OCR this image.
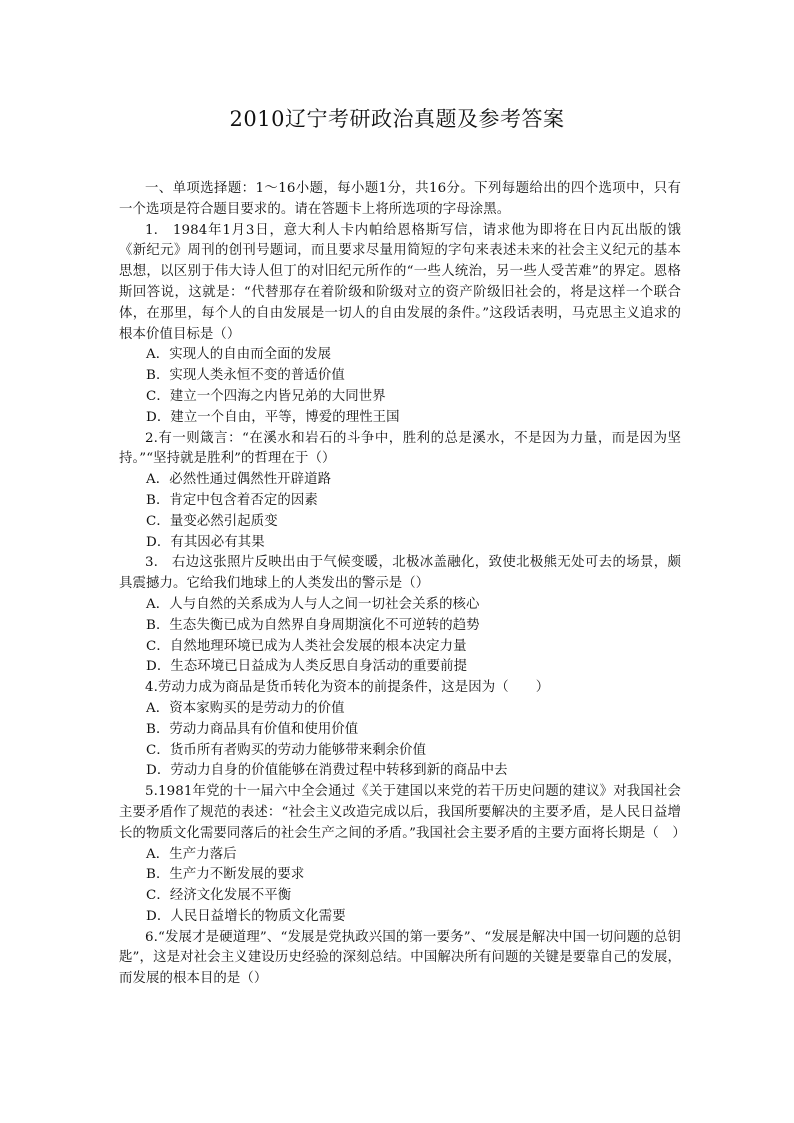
2010辽宁考研政治真题及参考答案

一、单项选择题：1～16小题，每小题1分，共16分。下列每题给出的四个选项中，只有一个选项是符合题目要求的。请在答题卡上将所选项的字母涂黑。

1.　1984年1月3日，意大利人卡内帕给恩格斯写信，请求他为即将在日内瓦出版的饿《新纪元》周刊的创刊号题词，而且要求尽量用简短的字句来表述未来的社会主义纪元的基本思想，以区别于伟大诗人但丁的对旧纪元所作的“一些人统治，另一些人受苦难”的界定。恩格斯回答说，这就是：“代替那存在着阶级和阶级对立的资产阶级旧社会的，将是这样一个联合体，在那里，每个人的自由发展是一切人的自由发展的条件。”这段话表明，马克思主义追求的根本价值目标是（）

A．实现人的自由而全面的发展

B．实现人类永恒不变的普适价值

C．建立一个四海之内皆兄弟的大同世界

D．建立一个自由，平等，博爱的理性王国

2.有一则箴言：“在溪水和岩石的斗争中，胜利的总是溪水，不是因为力量，而是因为坚持。”“坚持就是胜利”的哲理在于（）

A．必然性通过偶然性开辟道路

B．肯定中包含着否定的因素

C．量变必然引起质变

D．有其因必有其果

3.　右边这张照片反映出由于气候变暖，北极冰盖融化，致使北极熊无处可去的场景，颇具震撼力。它给我们地球上的人类发出的警示是（）

A．人与自然的关系成为人与人之间一切社会关系的核心

B．生态失衡已成为自然界自身周期演化不可逆转的趋势

C．自然地理环境已成为人类社会发展的根本决定力量

D．生态环境已日益成为人类反思自身活动的重要前提

4.劳动力成为商品是货币转化为资本的前提条件，这是因为（　　）

A．资本家购买的是劳动力的价值

B．劳动力商品具有价值和使用价值

C．货币所有者购买的劳动力能够带来剩余价值

D．劳动力自身的价值能够在消费过程中转移到新的商品中去

5.1981年党的十一届六中全会通过《关于建国以来党的若干历史问题的建议》对我国社会主要矛盾作了规范的表述：“社会主义改造完成以后，我国所要解决的主要矛盾，是人民日益增长的物质文化需要同落后的社会生产之间的矛盾。”我国社会主要矛盾的主要方面将长期是（　）

A．生产力落后

B．生产力不断发展的要求

C．经济文化发展不平衡

D．人民日益增长的物质文化需要

6.“发展才是硬道理”、“发展是党执政兴国的第一要务”、“发展是解决中国一切问题的总钥匙”，这是对社会主义建设历史经验的深刻总结。中国解决所有问题的关键是要靠自己的发展，而发展的根本目的是（）
